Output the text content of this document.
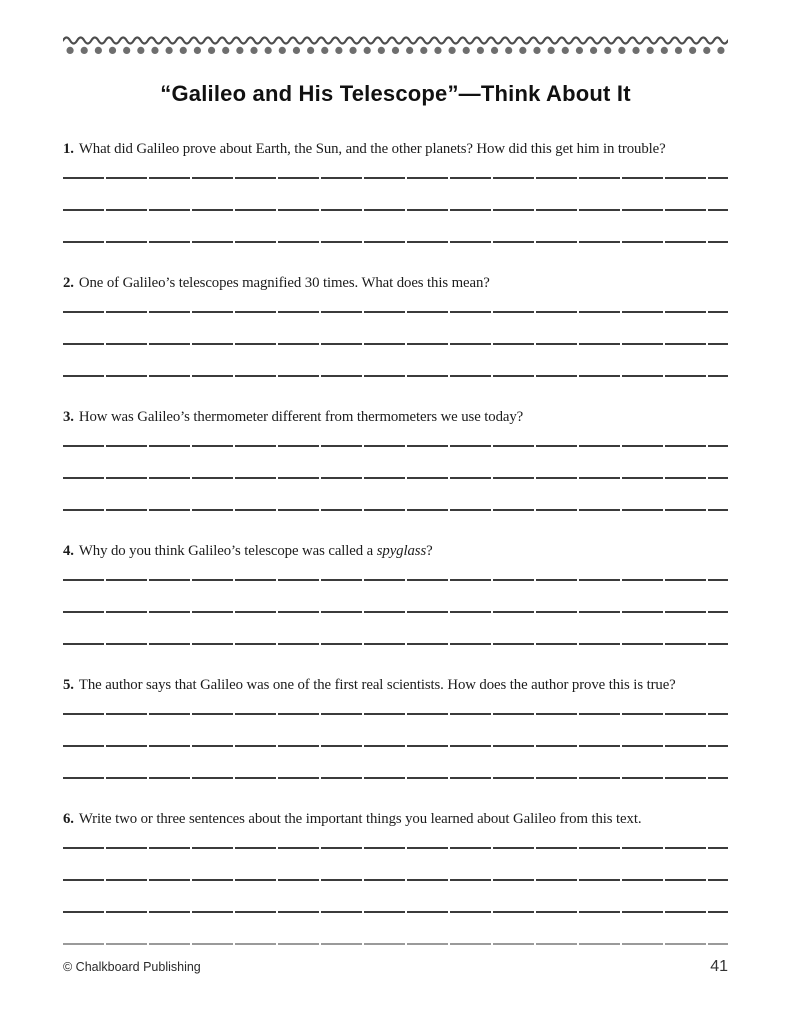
“Galileo and His Telescope”—Think About It

1. What did Galileo prove about Earth, the Sun, and the other planets? How did this get him in trouble?

2. One of Galileo’s telescopes magnified 30 times. What does this mean?

3. How was Galileo’s thermometer different from thermometers we use today?

4. Why do you think Galileo’s telescope was called a spyglass?

5. The author says that Galileo was one of the first real scientists. How does the author prove this is true?

6. Write two or three sentences about the important things you learned about Galileo from this text.

© Chalkboard Publishing	41
